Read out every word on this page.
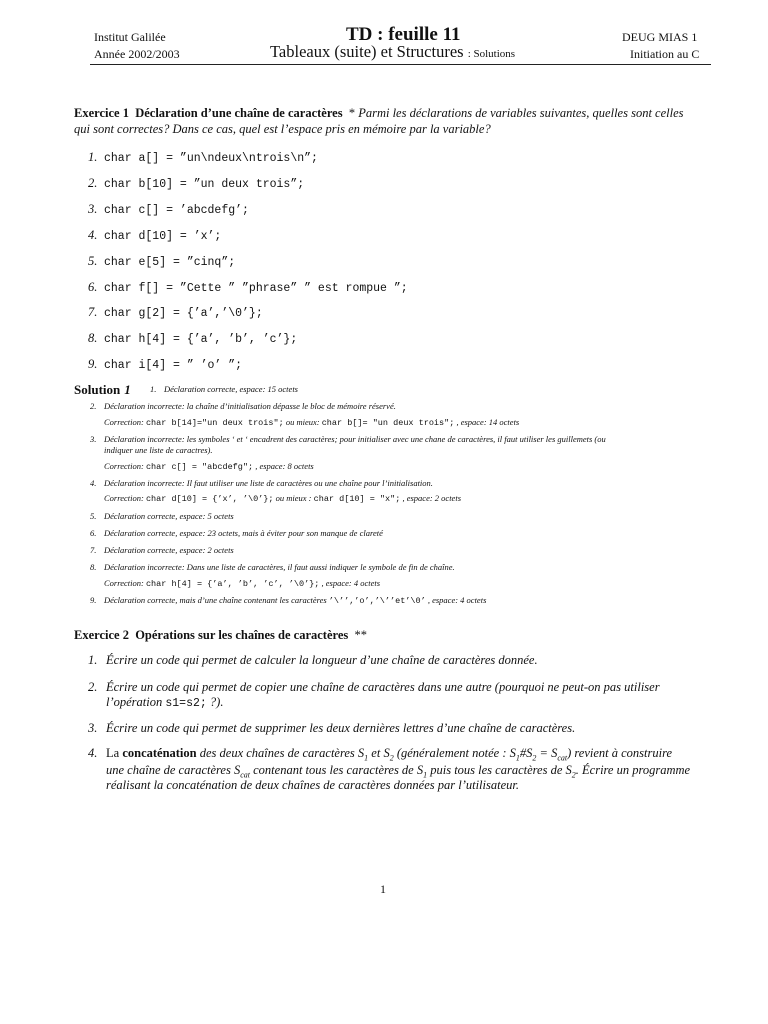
Institut Galilée
Année 2002/2003
TD : feuille 11
Tableaux (suite) et Structures : Solutions
DEUG MIAS 1
Initiation au C
Exercice 1 Déclaration d’une chaîne de caractères * Parmi les déclarations de variables suivantes, quelles sont celles
qui sont correctes? Dans ce cas, quel est l’espace pris en mémoire par la variable?
1. char a[] = ”un\ndeux\ntrois\n”;
2. char b[10] = ”un deux trois”;
3. char c[] = ’abcdefg’;
4. char d[10] = ’x’;
5. char e[5] = ”cinq”;
6. char f[] = ”Cette ” ”phrase” ” est rompue ”;
7. char g[2] = {’a’,’\0’};
8. char h[4] = {’a’, ’b’, ’c’};
9. char i[4] = ” ’o’ ”;
Solution 1 1. Déclaration correcte, espace: 15 octets
2. Déclaration incorrecte: la chaîne d’initialisation dépasse le bloc de mémoire réservé.
Correction: char b[14]="un deux trois"; ou mieux: char b[]= "un deux trois"; , espace: 14 octets
3. Déclaration incorrecte: les symboles ‘ et ‘ encadrent des caractères; pour initialiser avec une chane de caractères, il faut utiliser les guillemets (ou
indiquer une liste de caractres).
Correction: char c[] = "abcdefg"; , espace: 8 octets
4. Déclaration incorrecte: Il faut utiliser une liste de caractères ou une chaîne pour l’initialisation.
Correction: char d[10] = {’x’, ’\0’}; ou mieux : char d[10] = "x"; , espace: 2 octets
5. Déclaration correcte, espace: 5 octets
6. Déclaration correcte, espace: 23 octets, mais à éviter pour son manque de clareté
7. Déclaration correcte, espace: 2 octets
8. Déclaration incorrecte: Dans une liste de caractères, il faut aussi indiquer le symbole de fin de chaîne.
Correction: char h[4] = {’a’, ’b’, ’c’, ’\0’}; , espace: 4 octets
9. Déclaration correcte, mais d’une chaîne contenant les caractères ’\’’,’o’,’\’’et’\0’ , espace: 4 octets
Exercice 2 Opérations sur les chaînes de caractères **
1. Écrire un code qui permet de calculer la longueur d’une chaîne de caractères donnée.
2. Écrire un code qui permet de copier une chaîne de caractères dans une autre (pourquoi ne peut-on pas utiliser
l’opération s1=s2; ?).
3. Écrire un code qui permet de supprimer les deux dernières lettres d’une chaîne de caractères.
4. La concaténation des deux chaînes de caractères $S_1$ et $S_2$ (généralement notée : $S_1\#S_2 = S_{cat}$) revient à construire
une chaîne de caractères $S_{cat}$ contenant tous les caractères de $S_1$ puis tous les caractères de $S_2$. Écrire un programme
réalisant la concaténation de deux chaînes de caractères données par l’utilisateur.
1
